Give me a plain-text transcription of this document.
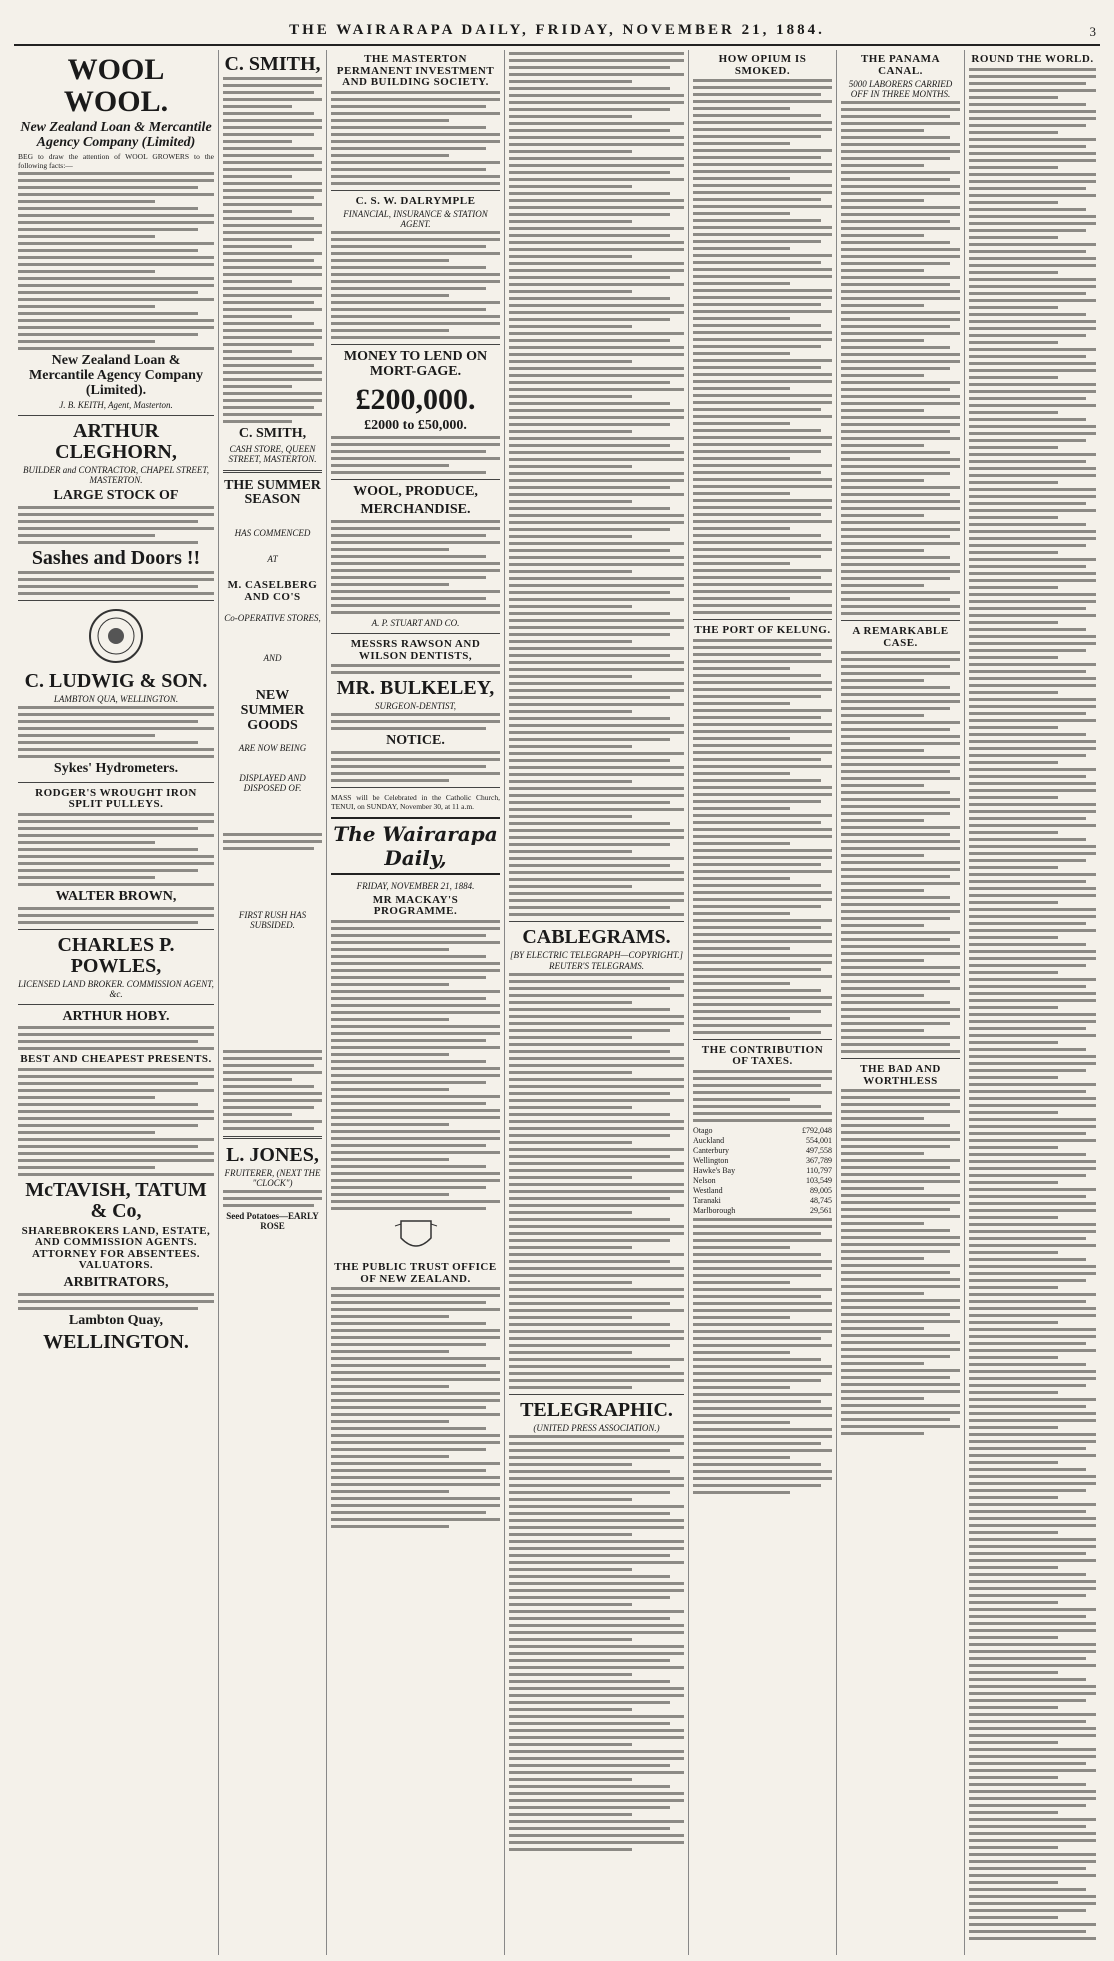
THE WAIRARAPA DAILY, FRIDAY, NOVEMBER 21, 1884.	3
WOOL WOOL.
New Zealand Loan & Mercantile Agency Company (Limited)
BEG to draw the attention of WOOL GROWERS to the following facts:—
New Zealand Loan & Mercantile Agency Company (Limited).
J. B. KEITH, Agent, Masterton.
ARTHUR CLEGHORN,
BUILDER and CONTRACTOR, CHAPEL STREET, MASTERTON.
LARGE STOCK OF
Sashes and Doors !!
C. LUDWIG & SON.
LAMBTON QUA, WELLINGTON.
Sykes' Hydrometers.
RODGER'S WROUGHT IRON SPLIT PULLEYS.
WALTER BROWN,
CHARLES P. POWLES,
LICENSED LAND BROKER. COMMISSION AGENT, &c.
ARTHUR HOBY.
BEST AND CHEAPEST PRESENTS.
McTAVISH, TATUM & Co,
SHAREBROKERS LAND, ESTATE, AND COMMISSION AGENTS. ATTORNEY FOR ABSENTEES. VALUATORS.
ARBITRATORS,
Lambton Quay,
WELLINGTON.
C. SMITH,
C. SMITH,
CASH STORE, QUEEN STREET, MASTERTON.
THE SUMMER SEASON
HAS COMMENCED
AT
M. CASELBERG AND CO'S
Co-OPERATIVE STORES,
AND
NEW SUMMER GOODS
ARE NOW BEING
DISPLAYED AND DISPOSED OF.
FIRST RUSH HAS SUBSIDED.
L. JONES,
FRUITERER, (NEXT THE "CLOCK")
Seed Potatoes—EARLY ROSE
THE MASTERTON PERMANENT INVESTMENT AND BUILDING SOCIETY.
C. S. W. DALRYMPLE
FINANCIAL, INSURANCE & STATION AGENT.
MONEY TO LEND ON MORT-GAGE.
£200,000.
£2000 to £50,000.
WOOL, PRODUCE,
MERCHANDISE.
A. P. STUART AND CO.
MESSRS RAWSON AND WILSON DENTISTS,
MR. BULKELEY,
SURGEON-DENTIST,
NOTICE.
MASS will be Celebrated in the Catholic Church, TENUI, on SUNDAY, November 30, at 11 a.m.
The Wairarapa Daily,
FRIDAY, NOVEMBER 21, 1884.
MR MACKAY'S PROGRAMME.
THE PUBLIC TRUST OFFICE OF NEW ZEALAND.
CABLEGRAMS.
[BY ELECTRIC TELEGRAPH—COPYRIGHT.]
REUTER'S TELEGRAMS.
TELEGRAPHIC.
(UNITED PRESS ASSOCIATION.)
HOW OPIUM IS SMOKED.
THE PORT OF KELUNG.
THE CONTRIBUTION OF TAXES.
Otago	£792,048
Auckland	554,001
Canterbury	497,558
Wellington	367,789
Hawke's Bay	110,797
Nelson	103,549
Westland	89,005
Taranaki	48,745
Marlborough	29,561
THE PANAMA CANAL.
5000 LABORERS CARRIED OFF IN THREE MONTHS.
A REMARKABLE CASE.
THE BAD AND WORTHLESS
ROUND THE WORLD.
